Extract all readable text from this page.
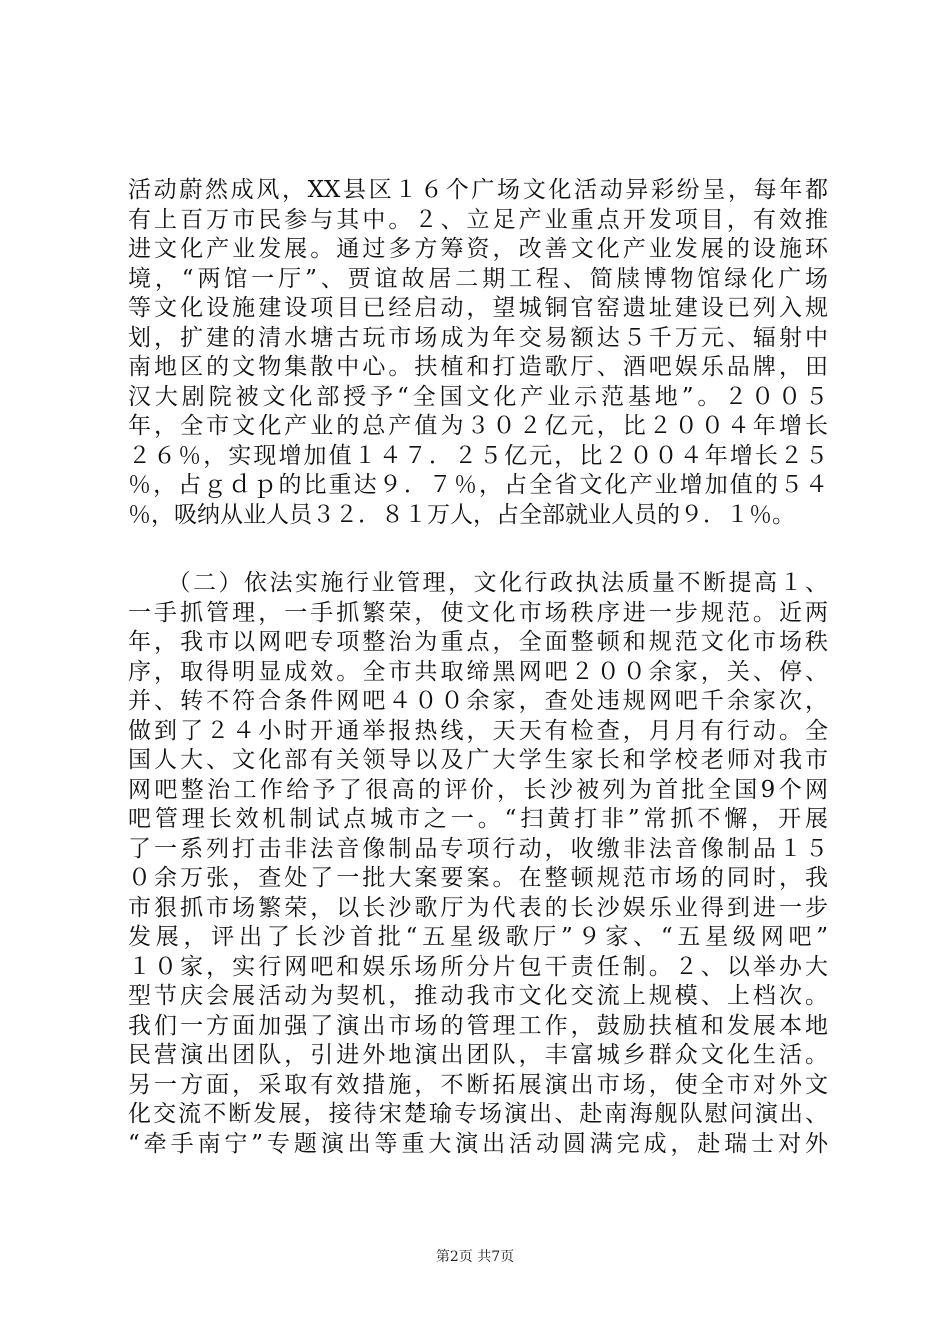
活动蔚然成风，XX县区１６个广场文化活动异彩纷呈，每年都
有上百万市民参与其中。２、立足产业重点开发项目，有效推
进文化产业发展。通过多方筹资，改善文化产业发展的设施环
境，“两馆一厅”、贾谊故居二期工程、简牍博物馆绿化广场
等文化设施建设项目已经启动，望城铜官窑遗址建设已列入规
划，扩建的清水塘古玩市场成为年交易额达５千万元、辐射中
南地区的文物集散中心。扶植和打造歌厅、酒吧娱乐品牌，田
汉大剧院被文化部授予“全国文化产业示范基地”。２００５
年，全市文化产业的总产值为３０２亿元，比２００４年增长
２６％，实现增加值１４７．２５亿元，比２００４年增长２５
％，占ｇｄｐ的比重达９．７％，占全省文化产业增加值的５４
％，吸纳从业人员３２．８１万人，占全部就业人员的９．１％。
　　（二）依法实施行业管理，文化行政执法质量不断提高１、
一手抓管理，一手抓繁荣，使文化市场秩序进一步规范。近两
年，我市以网吧专项整治为重点，全面整顿和规范文化市场秩
序，取得明显成效。全市共取缔黑网吧２００余家，关、停、
并、转不符合条件网吧４００余家，查处违规网吧千余家次，
做到了２４小时开通举报热线，天天有检查，月月有行动。全
国人大、文化部有关领导以及广大学生家长和学校老师对我市
网吧整治工作给予了很高的评价，长沙被列为首批全国9个网
吧管理长效机制试点城市之一。“扫黄打非”常抓不懈，开展
了一系列打击非法音像制品专项行动，收缴非法音像制品１５
０余万张，查处了一批大案要案。在整顿规范市场的同时，我
市狠抓市场繁荣，以长沙歌厅为代表的长沙娱乐业得到进一步
发展，评出了长沙首批“五星级歌厅”９家、“五星级网吧”
１０家，实行网吧和娱乐场所分片包干责任制。２、以举办大
型节庆会展活动为契机，推动我市文化交流上规模、上档次。
我们一方面加强了演出市场的管理工作，鼓励扶植和发展本地
民营演出团队，引进外地演出团队，丰富城乡群众文化生活。
另一方面，采取有效措施，不断拓展演出市场，使全市对外文
化交流不断发展，接待宋楚瑜专场演出、赴南海舰队慰问演出、
“牵手南宁”专题演出等重大演出活动圆满完成，赴瑞士对外
第2页 共7页
